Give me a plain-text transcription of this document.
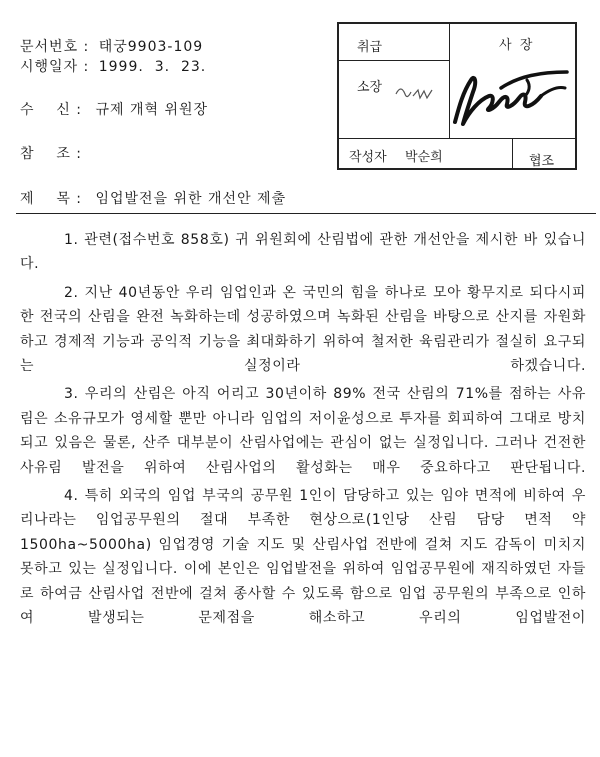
문서번호 : 태궁9903-109
시행일자 : 1999.  3.  23.
수    신 : 규제 개혁 위원장
참    조 :
제    목 : 임업발전을 위한 개선안 제출
취급	사  장
소장
작성자 박순희	협조

1. 관련(접수번호 858호) 귀 위원회에 산림법에 관한 개선안을 제시한 바 있습니다.

2. 지난 40년동안 우리 임업인과 온 국민의 힘을 하나로 모아 황무지로 되다시피 한 전국의 산림을 완전 녹화하는데 성공하였으며 녹화된 산림을 바탕으로 산지를 자원화하고 경제적 기능과 공익적 기능을 최대화하기 위하여 철저한 육림관리가 절실히 요구되는 실정이라 하겠습니다.

3. 우리의 산림은 아직 어리고 30년이하 89% 전국 산림의 71%를 점하는 사유림은 소유규모가 영세할 뿐만 아니라 임업의 저이윤성으로 투자를 회피하여 그대로 방치되고 있음은 물론, 산주 대부분이 산림사업에는 관심이 없는 실정입니다. 그러나 건전한 사유림 발전을 위하여 산림사업의 활성화는 매우 중요하다고 판단됩니다.

4. 특히 외국의 임업 부국의 공무원 1인이 담당하고 있는 임야 면적에 비하여 우리나라는 임업공무원의 절대 부족한 현상으로(1인당 산림 담당 면적 약 1500ha~5000ha) 임업경영 기술 지도 및 산림사업 전반에 걸쳐 지도 감독이 미치지 못하고 있는 실정입니다. 이에 본인은 임업발전을 위하여 임업공무원에 재직하였던 자들로 하여금 산림사업 전반에 걸쳐 종사할 수 있도록 함으로 임업 공무원의 부족으로 인하여 발생되는 문제점을 해소하고 우리의 임업발전이
